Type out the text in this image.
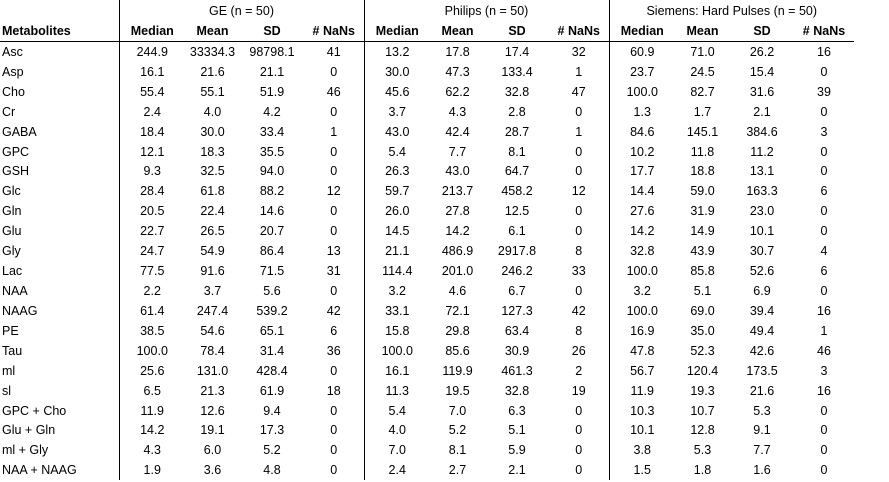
	GE (n = 50)				Philips (n = 50)				Siemens: Hard Pulses (n = 50)			
Metabolites	Median	Mean	SD	# NaNs	Median	Mean	SD	# NaNs	Median	Mean	SD	# NaNs
Asc	244.9	33334.3	98798.1	41	13.2	17.8	17.4	32	60.9	71.0	26.2	16
Asp	16.1	21.6	21.1	0	30.0	47.3	133.4	1	23.7	24.5	15.4	0
Cho	55.4	55.1	51.9	46	45.6	62.2	32.8	47	100.0	82.7	31.6	39
Cr	2.4	4.0	4.2	0	3.7	4.3	2.8	0	1.3	1.7	2.1	0
GABA	18.4	30.0	33.4	1	43.0	42.4	28.7	1	84.6	145.1	384.6	3
GPC	12.1	18.3	35.5	0	5.4	7.7	8.1	0	10.2	11.8	11.2	0
GSH	9.3	32.5	94.0	0	26.3	43.0	64.7	0	17.7	18.8	13.1	0
Glc	28.4	61.8	88.2	12	59.7	213.7	458.2	12	14.4	59.0	163.3	6
Gln	20.5	22.4	14.6	0	26.0	27.8	12.5	0	27.6	31.9	23.0	0
Glu	22.7	26.5	20.7	0	14.5	14.2	6.1	0	14.2	14.9	10.1	0
Gly	24.7	54.9	86.4	13	21.1	486.9	2917.8	8	32.8	43.9	30.7	4
Lac	77.5	91.6	71.5	31	114.4	201.0	246.2	33	100.0	85.8	52.6	6
NAA	2.2	3.7	5.6	0	3.2	4.6	6.7	0	3.2	5.1	6.9	0
NAAG	61.4	247.4	539.2	42	33.1	72.1	127.3	42	100.0	69.0	39.4	16
PE	38.5	54.6	65.1	6	15.8	29.8	63.4	8	16.9	35.0	49.4	1
Tau	100.0	78.4	31.4	36	100.0	85.6	30.9	26	47.8	52.3	42.6	46
ml	25.6	131.0	428.4	0	16.1	119.9	461.3	2	56.7	120.4	173.5	3
sl	6.5	21.3	61.9	18	11.3	19.5	32.8	19	11.9	19.3	21.6	16
GPC + Cho	11.9	12.6	9.4	0	5.4	7.0	6.3	0	10.3	10.7	5.3	0
Glu + Gln	14.2	19.1	17.3	0	4.0	5.2	5.1	0	10.1	12.8	9.1	0
ml + Gly	4.3	6.0	5.2	0	7.0	8.1	5.9	0	3.8	5.3	7.7	0
NAA + NAAG	1.9	3.6	4.8	0	2.4	2.7	2.1	0	1.5	1.8	1.6	0
